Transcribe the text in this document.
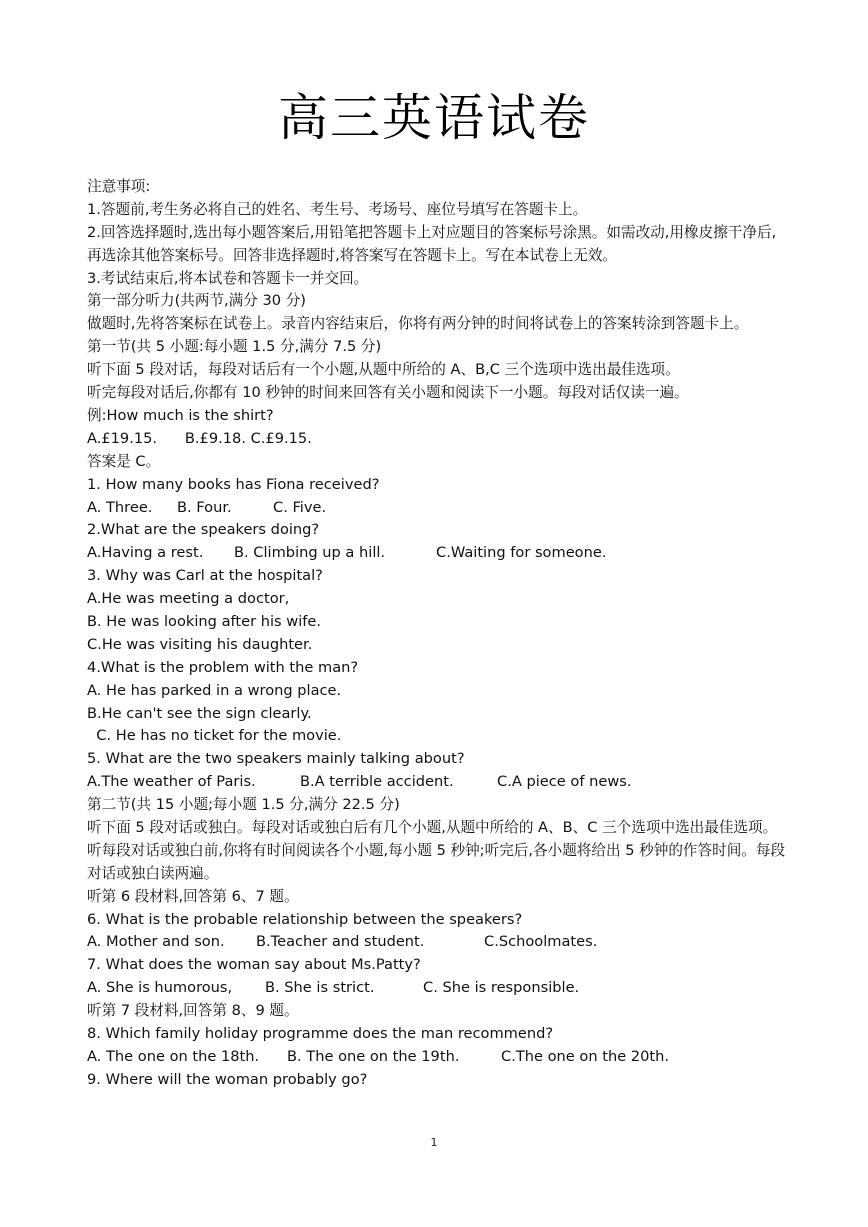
高三英语试卷
注意事项:
1.答题前,考生务必将自己的姓名、考生号、考场号、座位号填写在答题卡上。
2.回答选择题时,选出每小题答案后,用铅笔把答题卡上对应题目的答案标号涂黑。如需改动,用橡皮擦干净后,再选涂其他答案标号。回答非选择题时,将答案写在答题卡上。写在本试卷上无效。
3.考试结束后,将本试卷和答题卡一并交回。
第一部分听力(共两节,满分 30 分)
做题时,先将答案标在试卷上。录音内容结束后，你将有两分钟的时间将试卷上的答案转涂到答题卡上。
第一节(共 5 小题:每小题 1.5 分,满分 7.5 分)
听下面 5 段对话，每段对话后有一个小题,从题中所给的 A、B,C 三个选项中选出最佳选项。
听完每段对话后,你都有 10 秒钟的时间来回答有关小题和阅读下一小题。每段对话仅读一遍。
例:How much is the shirt?
A.£19.15.      B.£9.18. C.£9.15.
答案是 C。
1. How many books has Fiona received?
A. Three. B. Four.	C. Five.
2.What are the speakers doing?
A.Having a rest. B. Climbing up a hill.	C.Waiting for someone.
3. Why was Carl at the hospital?
A.He was meeting a doctor,
B. He was looking after his wife.
C.He was visiting his daughter.
4.What is the problem with the man?
A. He has parked in a wrong place.
B.He can't see the sign clearly.
C. He has no ticket for the movie.
5. What are the two speakers mainly talking about?
A.The weather of Paris.	B.A terrible accident.	C.A piece of news.
第二节(共 15 小题;每小题 1.5 分,满分 22.5 分)
听下面 5 段对话或独白。每段对话或独白后有几个小题,从题中所给的 A、B、C 三个选项中选出最佳选项。听每段对话或独白前,你将有时间阅读各个小题,每小题 5 秒钟;听完后,各小题将给出 5 秒钟的作答时间。每段对话或独白读两遍。
听第 6 段材料,回答第 6、7 题。
6. What is the probable relationship between the speakers?
A. Mother and son. B.Teacher and student.	C.Schoolmates.
7. What does the woman say about Ms.Patty?
A. She is humorous, B. She is strict.	C. She is responsible.
听第 7 段材料,回答第 8、9 题。
8. Which family holiday programme does the man recommend?
A. The one on the 18th. B. The one on the 19th.	C.The one on the 20th.
9. Where will the woman probably go?
1
